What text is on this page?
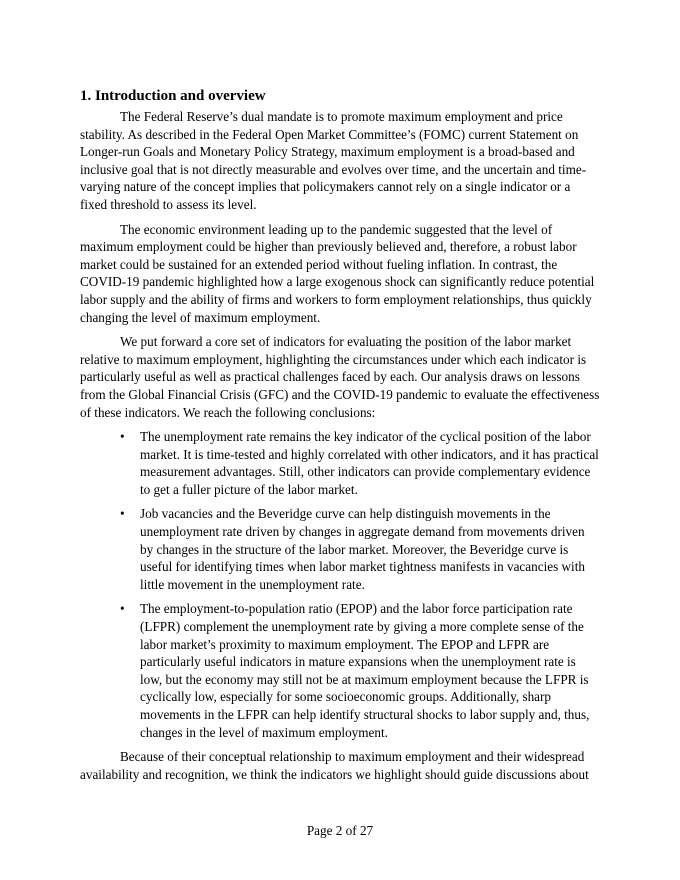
1. Introduction and overview

The Federal Reserve’s dual mandate is to promote maximum employment and price stability. As described in the Federal Open Market Committee’s (FOMC) current Statement on Longer-run Goals and Monetary Policy Strategy, maximum employment is a broad-based and inclusive goal that is not directly measurable and evolves over time, and the uncertain and time-varying nature of the concept implies that policymakers cannot rely on a single indicator or a fixed threshold to assess its level.

The economic environment leading up to the pandemic suggested that the level of maximum employment could be higher than previously believed and, therefore, a robust labor market could be sustained for an extended period without fueling inflation. In contrast, the COVID-19 pandemic highlighted how a large exogenous shock can significantly reduce potential labor supply and the ability of firms and workers to form employment relationships, thus quickly changing the level of maximum employment.

We put forward a core set of indicators for evaluating the position of the labor market relative to maximum employment, highlighting the circumstances under which each indicator is particularly useful as well as practical challenges faced by each. Our analysis draws on lessons from the Global Financial Crisis (GFC) and the COVID-19 pandemic to evaluate the effectiveness of these indicators. We reach the following conclusions:

• The unemployment rate remains the key indicator of the cyclical position of the labor market. It is time-tested and highly correlated with other indicators, and it has practical measurement advantages. Still, other indicators can provide complementary evidence to get a fuller picture of the labor market.
• Job vacancies and the Beveridge curve can help distinguish movements in the unemployment rate driven by changes in aggregate demand from movements driven by changes in the structure of the labor market. Moreover, the Beveridge curve is useful for identifying times when labor market tightness manifests in vacancies with little movement in the unemployment rate.
• The employment-to-population ratio (EPOP) and the labor force participation rate (LFPR) complement the unemployment rate by giving a more complete sense of the labor market’s proximity to maximum employment. The EPOP and LFPR are particularly useful indicators in mature expansions when the unemployment rate is low, but the economy may still not be at maximum employment because the LFPR is cyclically low, especially for some socioeconomic groups. Additionally, sharp movements in the LFPR can help identify structural shocks to labor supply and, thus, changes in the level of maximum employment.

Because of their conceptual relationship to maximum employment and their widespread availability and recognition, we think the indicators we highlight should guide discussions about

Page 2 of 27
